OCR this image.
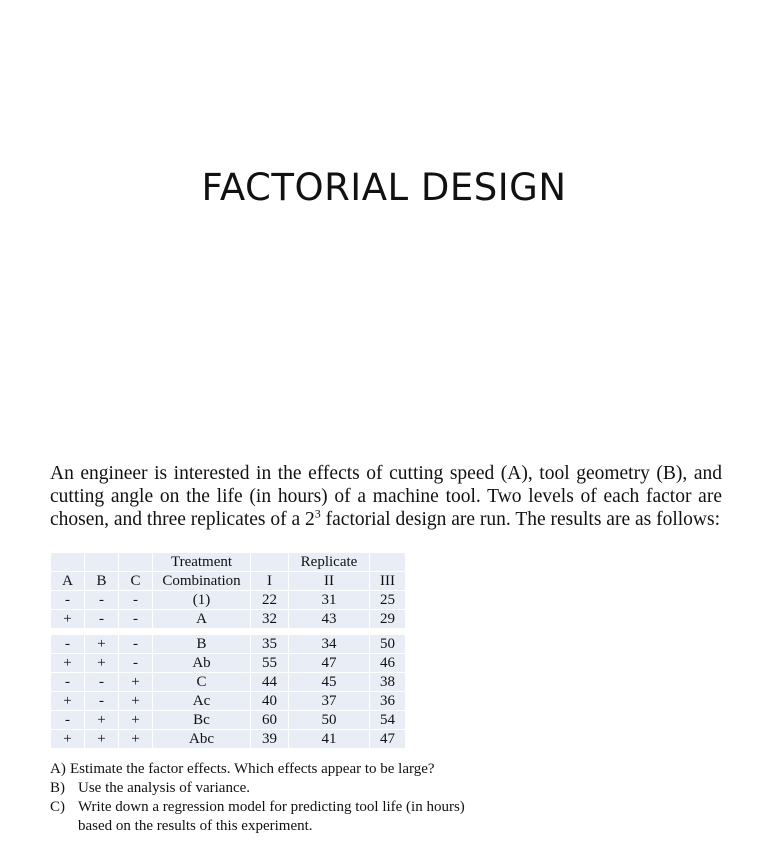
FACTORIAL DESIGN

An engineer is interested in the effects of cutting speed (A), tool geometry (B), and cutting angle on the life (in hours) of a machine tool. Two levels of each factor are chosen, and three replicates of a $2^3$ factorial design are run. The results are as follows:

			Treatment		Replicate	
A	B	C	Combination	I	II	III
-	-	-	(1)	22	31	25
+	-	-	A	32	43	29

-	+	-	B	35	34	50
+	+	-	Ab	55	47	46
-	-	+	C	44	45	38
+	-	+	Ac	40	37	36
-	+	+	Bc	60	50	54
+	+	+	Abc	39	41	47
A) Estimate the factor effects. Which effects appear to be large?
B) Use the analysis of variance.
C) Write down a regression model for predicting tool life (in hours) based on the results of this experiment.
